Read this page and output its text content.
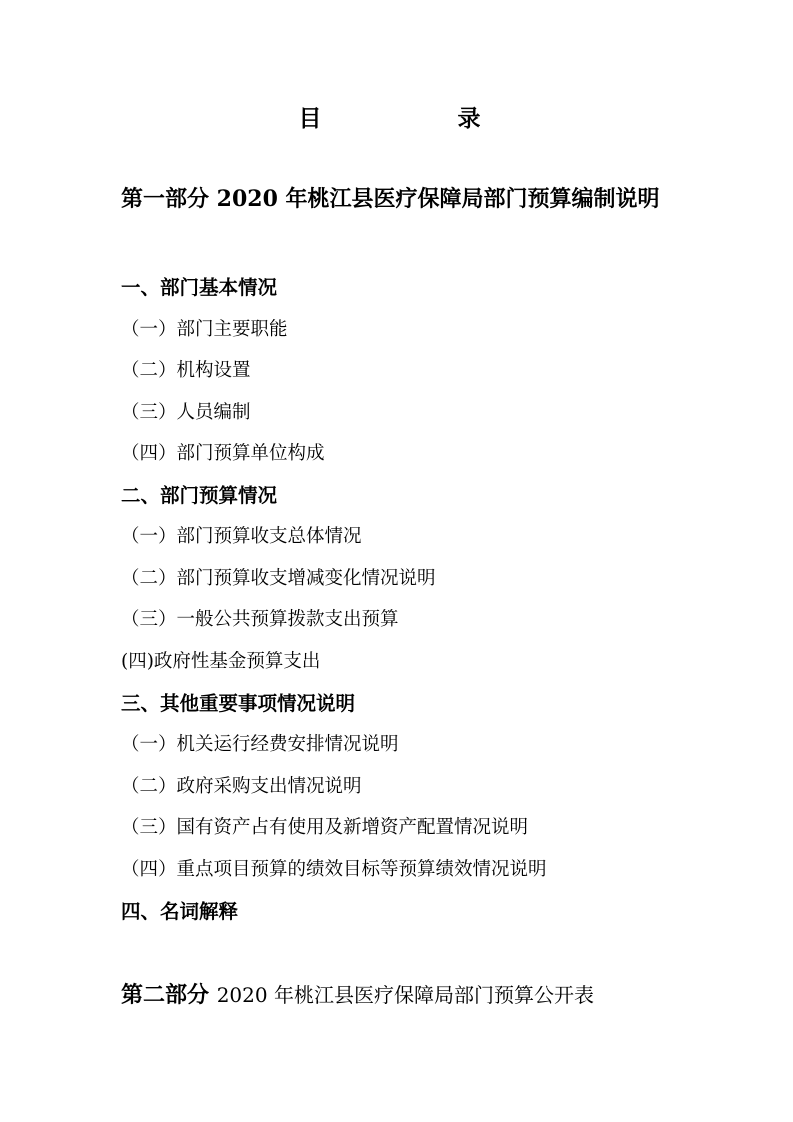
目　　录
第一部分 2020 年桃江县医疗保障局部门预算编制说明
一、部门基本情况
（一）部门主要职能
（二）机构设置
（三）人员编制
（四）部门预算单位构成
二、部门预算情况
（一）部门预算收支总体情况
（二）部门预算收支增减变化情况说明
（三）一般公共预算拨款支出预算
(四)政府性基金预算支出
三、其他重要事项情况说明
（一）机关运行经费安排情况说明
（二）政府采购支出情况说明
（三）国有资产占有使用及新增资产配置情况说明
（四）重点项目预算的绩效目标等预算绩效情况说明
四、名词解释
第二部分 2020 年桃江县医疗保障局部门预算公开表
